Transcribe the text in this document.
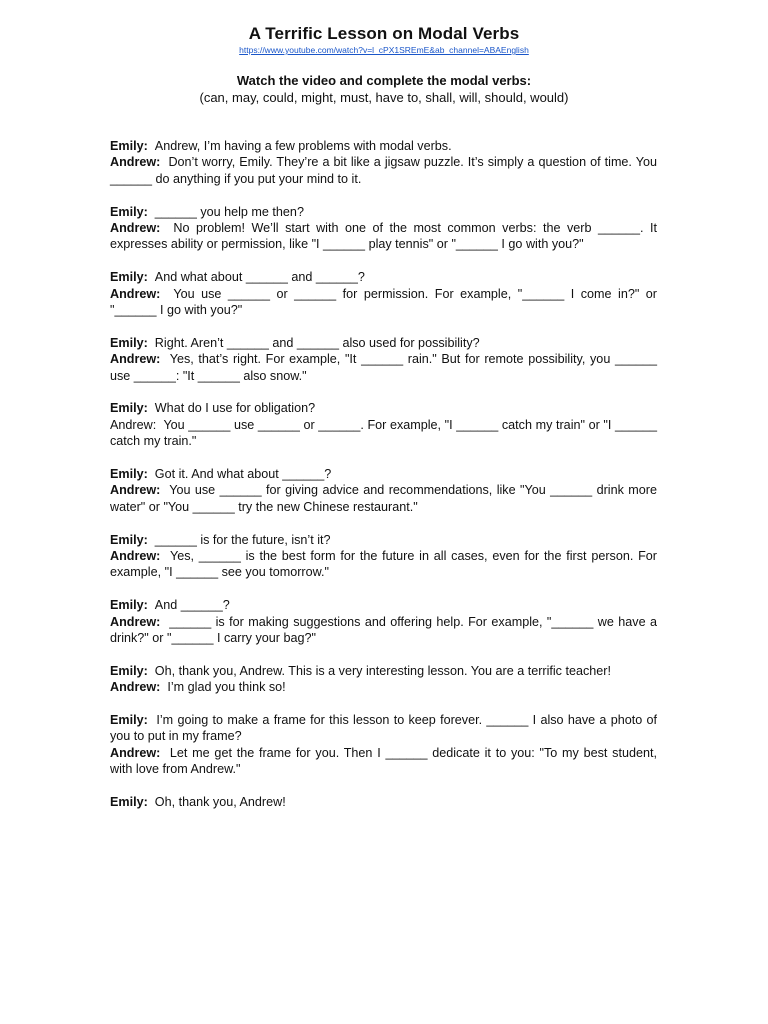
A Terrific Lesson on Modal Verbs
https://www.youtube.com/watch?v=l_cPX1SREmE&ab_channel=ABAEnglish
Watch the video and complete the modal verbs:
(can, may, could, might, must, have to, shall, will, should, would)
Emily: Andrew, I’m having a few problems with modal verbs.
Andrew: Don’t worry, Emily. They’re a bit like a jigsaw puzzle. It’s simply a question of time. You ______ do anything if you put your mind to it.
Emily: ______ you help me then?
Andrew: No problem! We’ll start with one of the most common verbs: the verb ______. It expresses ability or permission, like "I ______ play tennis" or "______ I go with you?"
Emily: And what about ______ and ______?
Andrew: You use ______ or ______ for permission. For example, "______ I come in?" or "______ I go with you?"
Emily: Right. Aren’t ______ and ______ also used for possibility?
Andrew: Yes, that’s right. For example, "It ______ rain." But for remote possibility, you ______ use ______: "It ______ also snow."
Emily: What do I use for obligation?
Andrew: You ______ use ______ or ______. For example, "I ______ catch my train" or "I ______ catch my train."
Emily: Got it. And what about ______?
Andrew: You use ______ for giving advice and recommendations, like "You ______ drink more water" or "You ______ try the new Chinese restaurant."
Emily: ______ is for the future, isn’t it?
Andrew: Yes, ______ is the best form for the future in all cases, even for the first person. For example, "I ______ see you tomorrow."
Emily: And ______?
Andrew: ______ is for making suggestions and offering help. For example, "______ we have a drink?" or "______ I carry your bag?"
Emily: Oh, thank you, Andrew. This is a very interesting lesson. You are a terrific teacher!
Andrew: I’m glad you think so!
Emily: I’m going to make a frame for this lesson to keep forever. ______ I also have a photo of you to put in my frame?
Andrew: Let me get the frame for you. Then I ______ dedicate it to you: "To my best student, with love from Andrew."
Emily: Oh, thank you, Andrew!
